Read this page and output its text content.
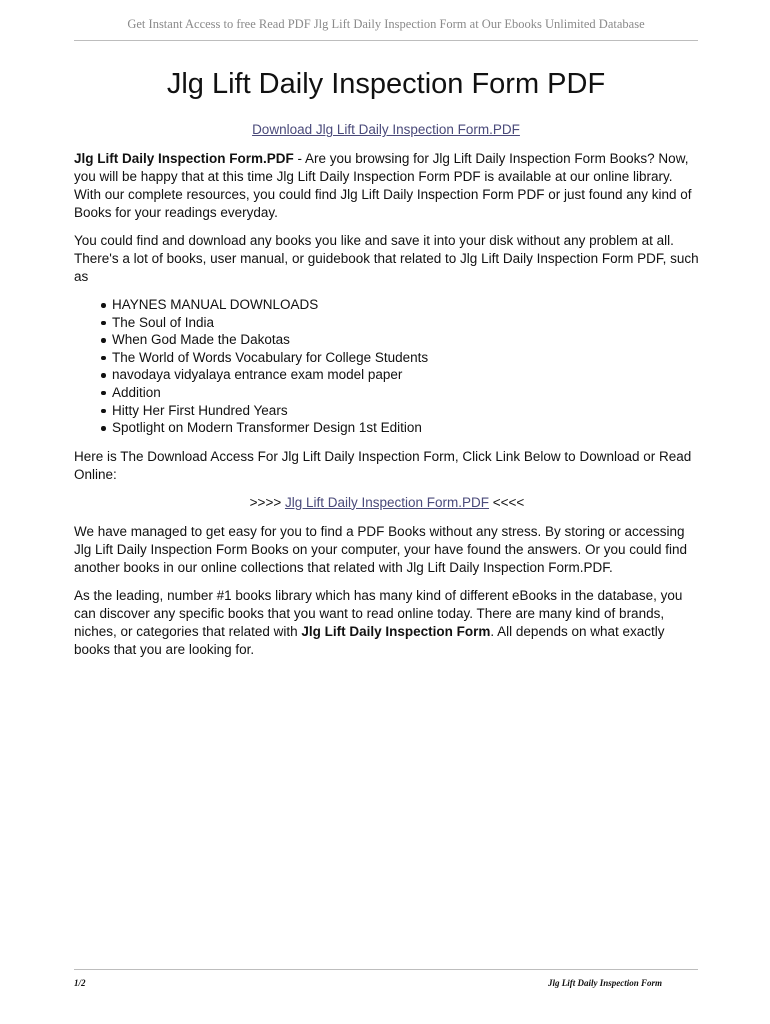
Get Instant Access to free Read PDF Jlg Lift Daily Inspection Form at Our Ebooks Unlimited Database
Jlg Lift Daily Inspection Form PDF
Download Jlg Lift Daily Inspection Form.PDF

Jlg Lift Daily Inspection Form.PDF - Are you browsing for Jlg Lift Daily Inspection Form Books? Now, you will be happy that at this time Jlg Lift Daily Inspection Form PDF is available at our online library. With our complete resources, you could find Jlg Lift Daily Inspection Form PDF or just found any kind of Books for your readings everyday.

You could find and download any books you like and save it into your disk without any problem at all. There's a lot of books, user manual, or guidebook that related to Jlg Lift Daily Inspection Form PDF, such as

HAYNES MANUAL DOWNLOADS
The Soul of India
When God Made the Dakotas
The World of Words Vocabulary for College Students
navodaya vidyalaya entrance exam model paper
Addition
Hitty Her First Hundred Years
Spotlight on Modern Transformer Design 1st Edition

Here is The Download Access For Jlg Lift Daily Inspection Form, Click Link Below to Download or Read Online:

>>>> Jlg Lift Daily Inspection Form.PDF <<<<

We have managed to get easy for you to find a PDF Books without any stress. By storing or accessing Jlg Lift Daily Inspection Form Books on your computer, your have found the answers. Or you could find another books in our online collections that related with Jlg Lift Daily Inspection Form.PDF.

As the leading, number #1 books library which has many kind of different eBooks in the database, you can discover any specific books that you want to read online today. There are many kind of brands, niches, or categories that related with Jlg Lift Daily Inspection Form. All depends on what exactly books that you are looking for.

1/2	Jlg Lift Daily Inspection Form
